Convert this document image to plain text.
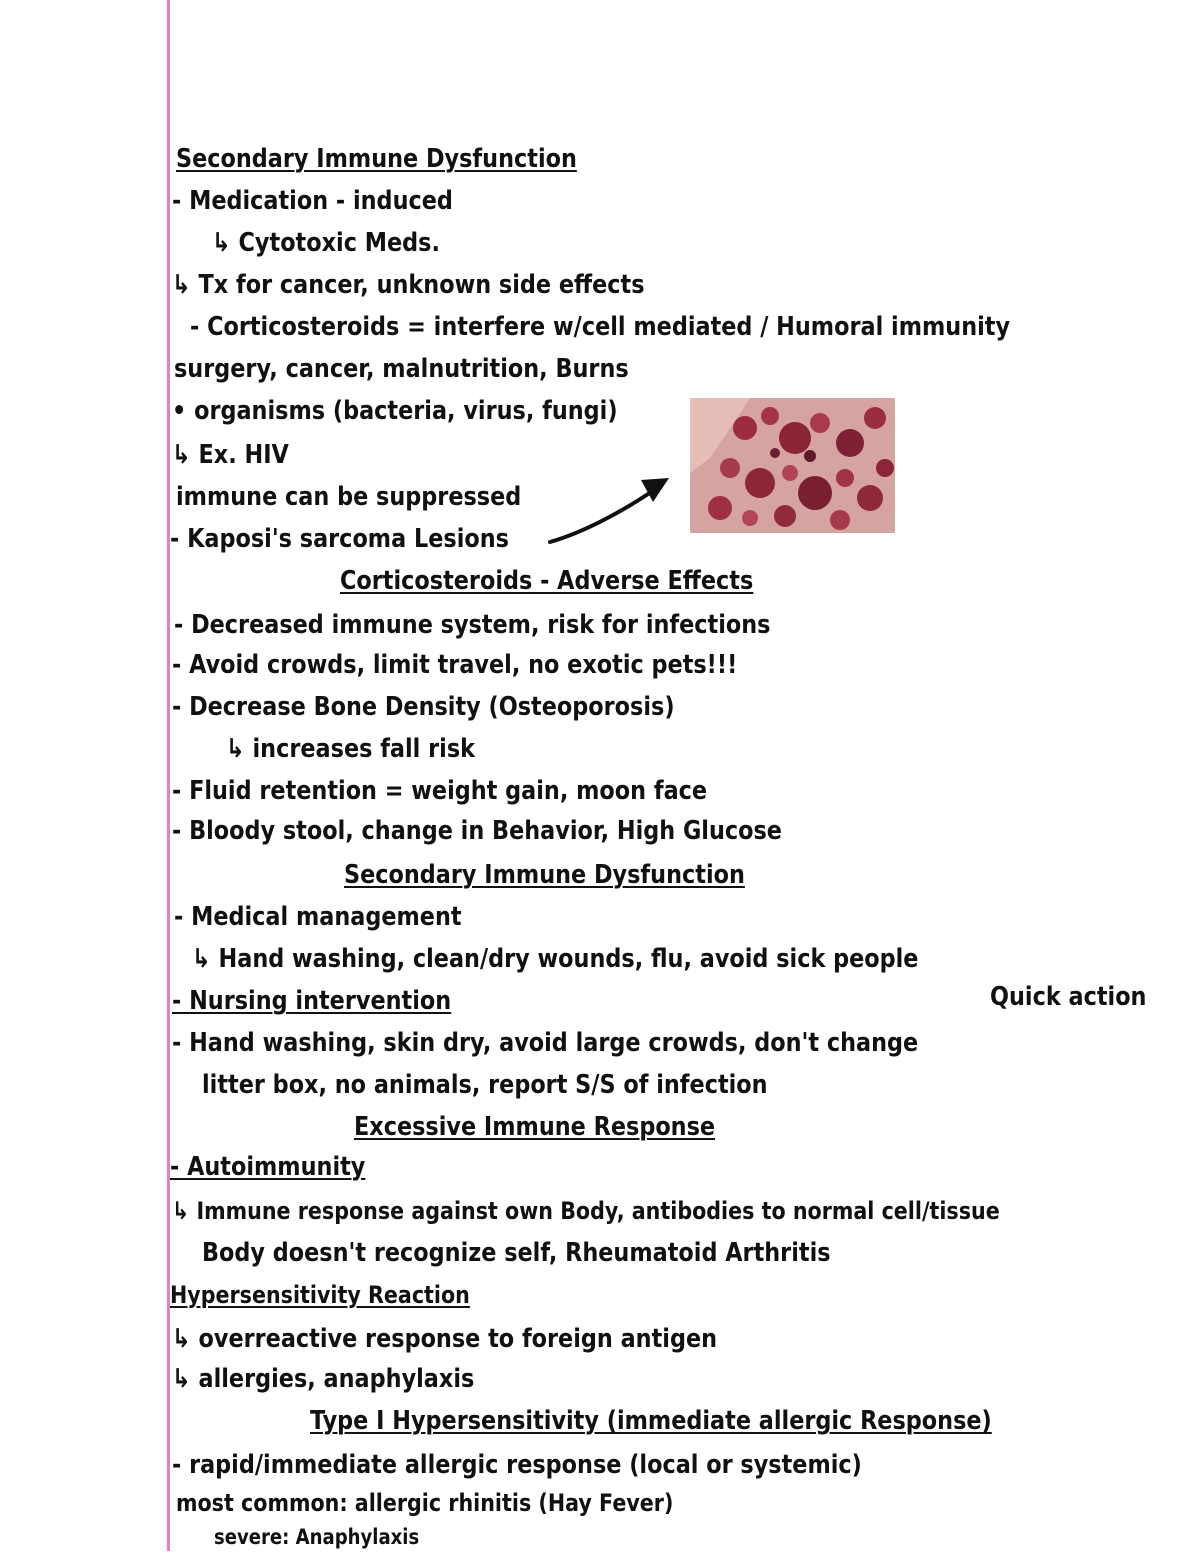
Secondary Immune Dysfunction
- Medication - induced
↳ Cytotoxic Meds.
↳ Tx for cancer, unknown side effects
- Corticosteroids = interfere w/cell mediated / Humoral immunity
surgery, cancer, malnutrition, Burns
• organisms (bacteria, virus, fungi)
↳ Ex. HIV
immune can be suppressed
- Kaposi's sarcoma Lesions
Corticosteroids - Adverse Effects
- Decreased immune system, risk for infections
- Avoid crowds, limit travel, no exotic pets!!!
- Decrease Bone Density (Osteoporosis)
↳ increases fall risk
- Fluid retention = weight gain, moon face
- Bloody stool, change in Behavior, High Glucose
Secondary Immune Dysfunction
- Medical management
↳ Hand washing, clean/dry wounds, flu, avoid sick people
- Nursing intervention	Quick action
- Hand washing, skin dry, avoid large crowds, don't change
litter box, no animals, report S/S of infection
Excessive Immune Response
- Autoimmunity
↳ Immune response against own Body, antibodies to normal cell/tissue
Body doesn't recognize self, Rheumatoid Arthritis
Hypersensitivity Reaction
↳ overreactive response to foreign antigen
↳ allergies, anaphylaxis
Type I Hypersensitivity (immediate allergic Response)
- rapid/immediate allergic response (local or systemic)
most common: allergic rhinitis (Hay Fever)
severe: Anaphylaxis
